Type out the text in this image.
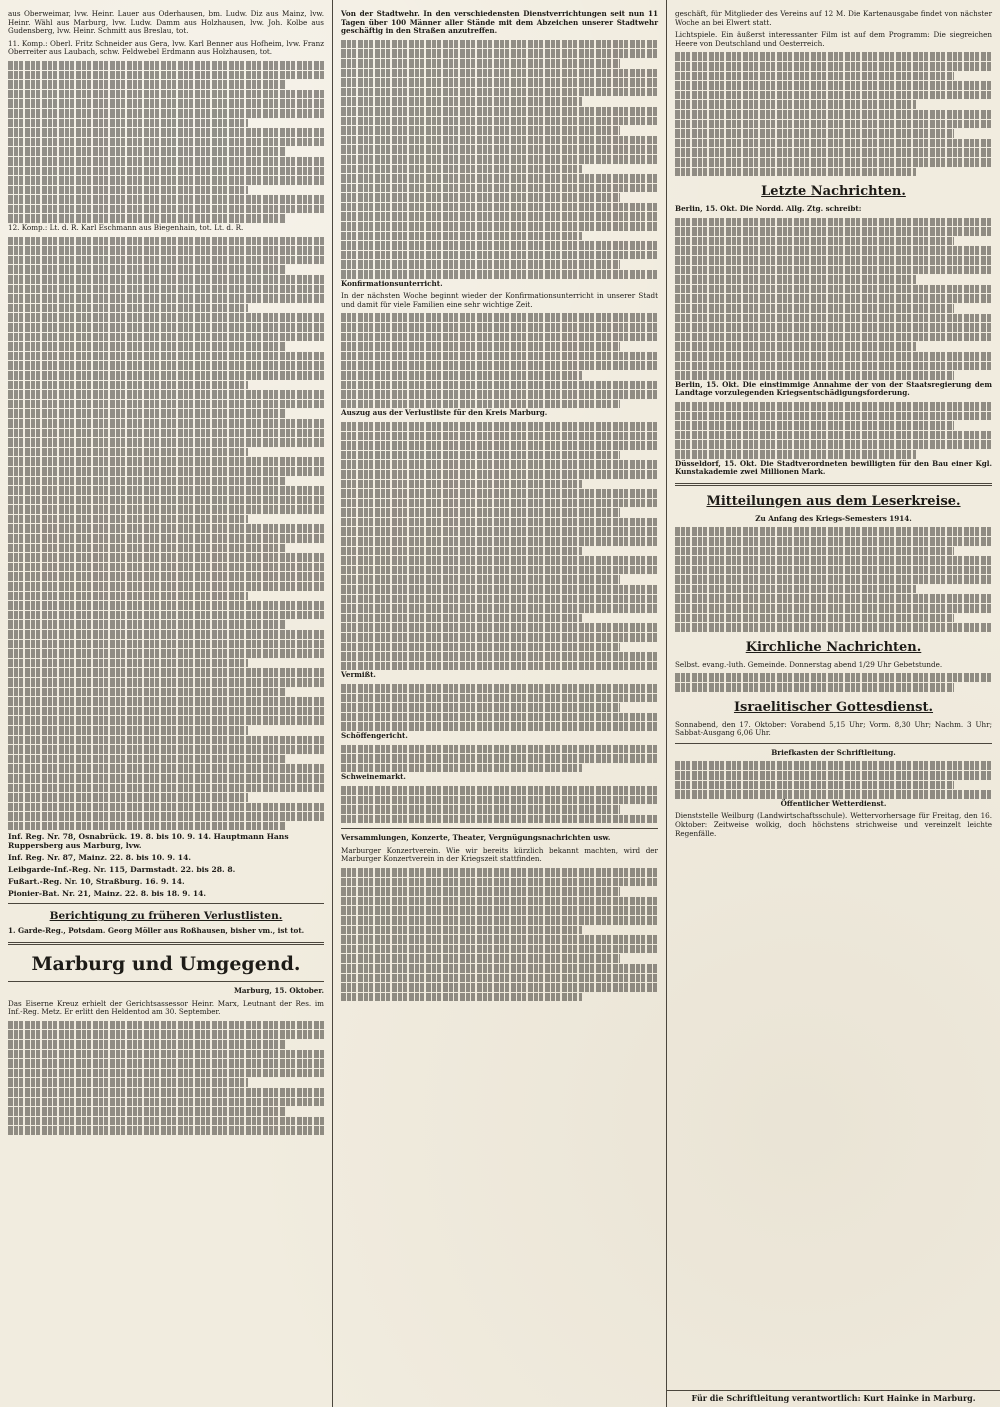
aus Oberweimar, lvw. Heinr. Lauer aus Oderhausen, bm. Ludw. Diz aus Mainz, lvw. Heinr. Wähl aus Marburg, lvw. Ludw. Damm aus Holzhausen, lvw. Joh. Kolbe aus Gudensberg, lvw. Heinr. Schmitt aus Breslau, tot.

11. Komp.: Oberl. Fritz Schneider aus Gera, lvw. Karl Benner aus Hofheim, lvw. Franz Oberreiter aus Laubach, schw. Feldwebel Erdmann aus Holzhausen, tot.

12. Komp.: Lt. d. R. Karl Eschmann aus Biegenhain, tot. Lt. d. R.

Inf. Reg. Nr. 78, Osnabrück. 19. 8. bis 10. 9. 14. Hauptmann Hans Ruppersberg aus Marburg, lvw.

Inf. Reg. Nr. 87, Mainz. 22. 8. bis 10. 9. 14.

Leibgarde-Inf.-Reg. Nr. 115, Darmstadt. 22. bis 28. 8.

Fußart.-Reg. Nr. 10, Straßburg. 16. 9. 14.

Pionier-Bat. Nr. 21, Mainz. 22. 8. bis 18. 9. 14.

Berichtigung zu früheren Verlustlisten.

1. Garde-Reg., Potsdam. Georg Möller aus Roßhausen, bisher vm., ist tot.

Marburg und Umgegend.

Marburg, 15. Oktober.

Das Eiserne Kreuz erhielt der Gerichtsassessor Heinr. Marx, Leutnant der Res. im Inf.-Reg. Metz. Er erlitt den Heldentod am 30. September.

Von der Stadtwehr. In den verschiedensten Dienstverrichtungen seit nun 11 Tagen über 100 Männer aller Stände mit dem Abzeichen unserer Stadtwehr geschäftig in den Straßen anzutreffen.

Konfirmationsunterricht.

In der nächsten Woche beginnt wieder der Konfirmationsunterricht in unserer Stadt und damit für viele Familien eine sehr wichtige Zeit.

Auszug aus der Verlustliste für den Kreis Marburg.

Vermißt.

Schöffengericht.

Schweinemarkt.

Versammlungen, Konzerte, Theater, Vergnügungsnachrichten usw.

Marburger Konzertverein. Wie wir bereits kürzlich bekannt machten, wird der Marburger Konzertverein in der Kriegszeit stattfinden.

geschäft, für Mitglieder des Vereins auf 12 M. Die Kartenausgabe findet von nächster Woche an bei Elwert statt.

Lichtspiele. Ein äußerst interessanter Film ist auf dem Programm: Die siegreichen Heere von Deutschland und Oesterreich.

Letzte Nachrichten.

Berlin, 15. Okt. Die Nordd. Allg. Ztg. schreibt:

Berlin, 15. Okt. Die einstimmige Annahme der von der Staatsregierung dem Landtage vorzulegenden Kriegsentschädigungsforderung.

Düsseldorf, 15. Okt. Die Stadtverordneten bewilligten für den Bau einer Kgl. Kunstakademie zwei Millionen Mark.

Mitteilungen aus dem Leserkreise.

Zu Anfang des Kriegs-Semesters 1914.

Kirchliche Nachrichten.

Selbst. evang.-luth. Gemeinde. Donnerstag abend 1/29 Uhr Gebetstunde.

Israelitischer Gottesdienst.

Sonnabend, den 17. Oktober: Vorabend 5,15 Uhr; Vorm. 8,30 Uhr; Nachm. 3 Uhr; Sabbat-Ausgang 6,06 Uhr.

Briefkasten der Schriftleitung.

Öffentlicher Wetterdienst.

Dienststelle Weilburg (Landwirtschaftsschule). Wettervorhersage für Freitag, den 16. Oktober: Zeitweise wolkig, doch höchstens strichweise und vereinzelt leichte Regenfälle.

Für die Schriftleitung verantwortlich: Kurt Hainke in Marburg.
